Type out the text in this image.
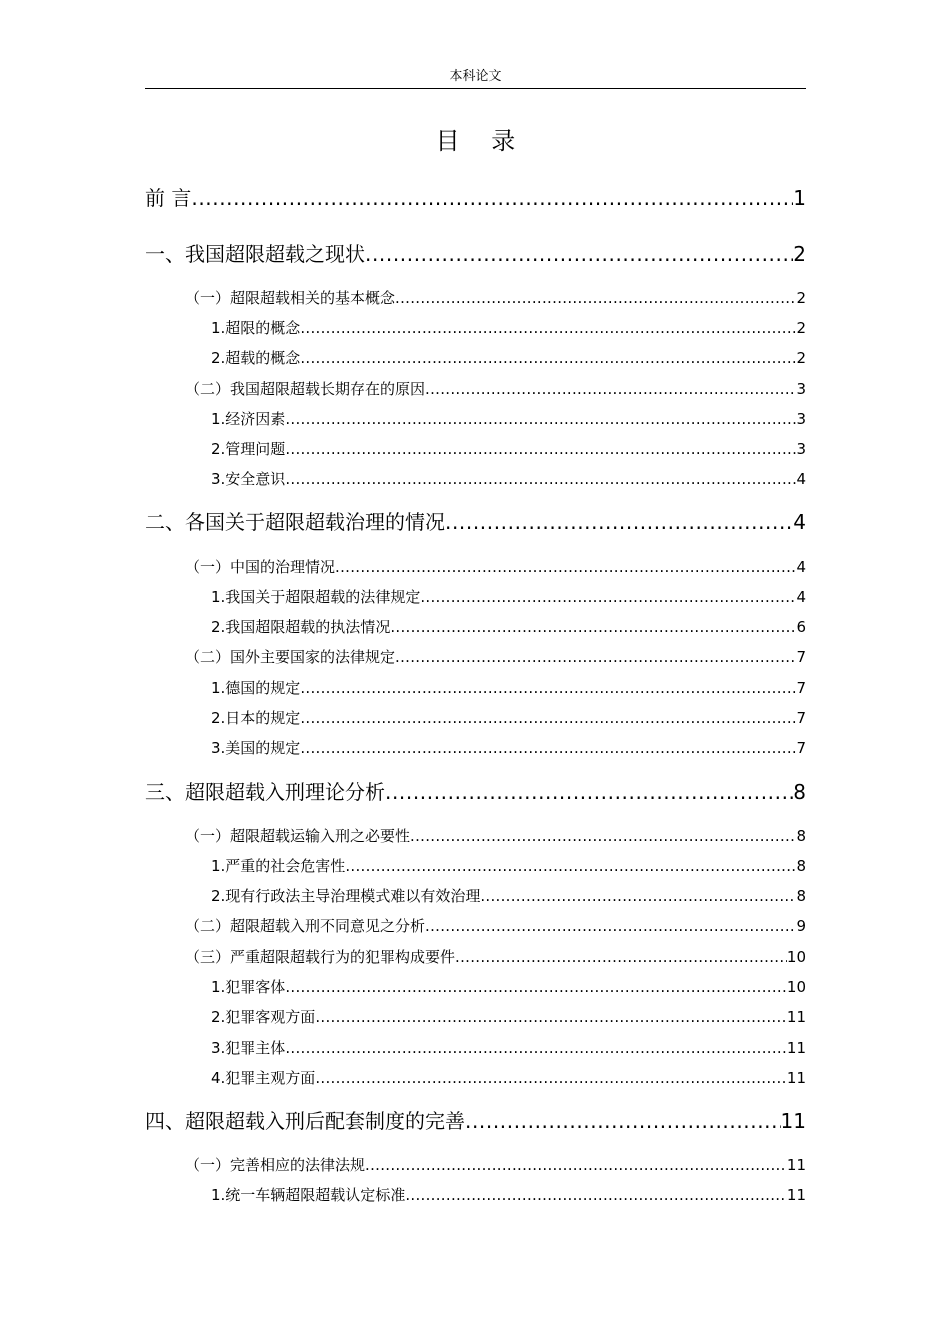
本科论文
目 录
前 言 .....	1
一、我国超限超载之现状 .....	2
（一）超限超载相关的基本概念 .....	2
1.超限的概念 .....	2
2.超载的概念 .....	2
（二）我国超限超载长期存在的原因 .....	3
1.经济因素 .....	3
2.管理问题 .....	3
3.安全意识 .....	4
二、各国关于超限超载治理的情况 .....	4
（一）中国的治理情况 .....	4
1.我国关于超限超载的法律规定 .....	4
2.我国超限超载的执法情况 .....	6
（二）国外主要国家的法律规定 .....	7
1.德国的规定 .....	7
2.日本的规定 .....	7
3.美国的规定 .....	7
三、超限超载入刑理论分析 .....	8
（一）超限超载运输入刑之必要性 .....	8
1.严重的社会危害性 .....	8
2.现有行政法主导治理模式难以有效治理 .....	8
（二）超限超载入刑不同意见之分析 .....	9
（三）严重超限超载行为的犯罪构成要件 .....	10
1.犯罪客体 .....	10
2.犯罪客观方面 .....	11
3.犯罪主体 .....	11
4.犯罪主观方面 .....	11
四、超限超载入刑后配套制度的完善 .....	11
（一）完善相应的法律法规 .....	11
1.统一车辆超限超载认定标准 .....	11
